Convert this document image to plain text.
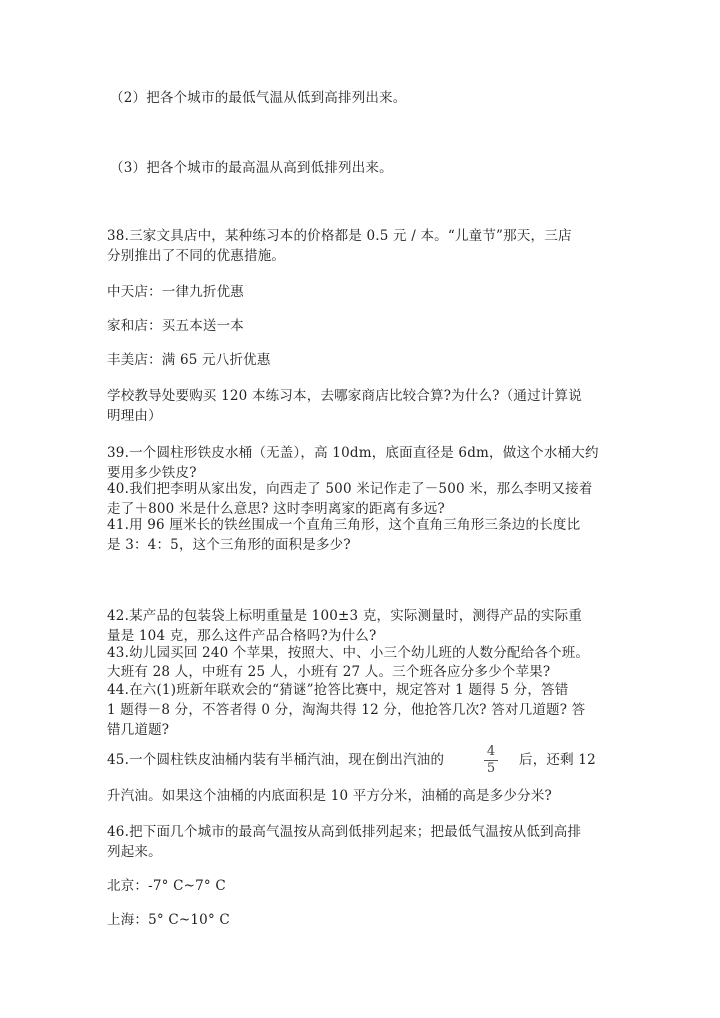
（2）把各个城市的最低气温从低到高排列出来。
（3）把各个城市的最高温从高到低排列出来。
38.三家文具店中，某种练习本的价格都是 0.5 元 / 本。“儿童节”那天，三店
分别推出了不同的优惠措施。
中天店：一律九折优惠
家和店：买五本送一本
丰美店：满 65 元八折优惠
学校教导处要购买 120 本练习本，去哪家商店比较合算?为什么?（通过计算说
明理由）
39.一个圆柱形铁皮水桶（无盖），高 10dm，底面直径是 6dm，做这个水桶大约
要用多少铁皮?
40.我们把李明从家出发，向西走了 500 米记作走了－500 米，那么李明又接着
走了＋800 米是什么意思? 这时李明离家的距离有多远?
41.用 96 厘米长的铁丝围成一个直角三角形，这个直角三角形三条边的长度比
是 3：4：5，这个三角形的面积是多少?
42.某产品的包装袋上标明重量是 100±3 克，实际测量时，测得产品的实际重
量是 104 克，那么这件产品合格吗?为什么?
43.幼儿园买回 240 个苹果，按照大、中、小三个幼儿班的人数分配给各个班。
大班有 28 人，中班有 25 人，小班有 27 人。三个班各应分多少个苹果?
44.在六(1)班新年联欢会的“猜谜”抢答比赛中，规定答对 1 题得 5 分，答错
1 题得－8 分，不答者得 0 分，淘淘共得 12 分，他抢答几次? 答对几道题? 答
错几道题?
45.一个圆柱铁皮油桶内装有半桶汽油，现在倒出汽油的
4
5
后，还剩 12
升汽油。如果这个油桶的内底面积是 10 平方分米，油桶的高是多少分米?
46.把下面几个城市的最高气温按从高到低排列起来；把最低气温按从低到高排
列起来。
北京：-7° C~7° C
上海：5° C~10° C
